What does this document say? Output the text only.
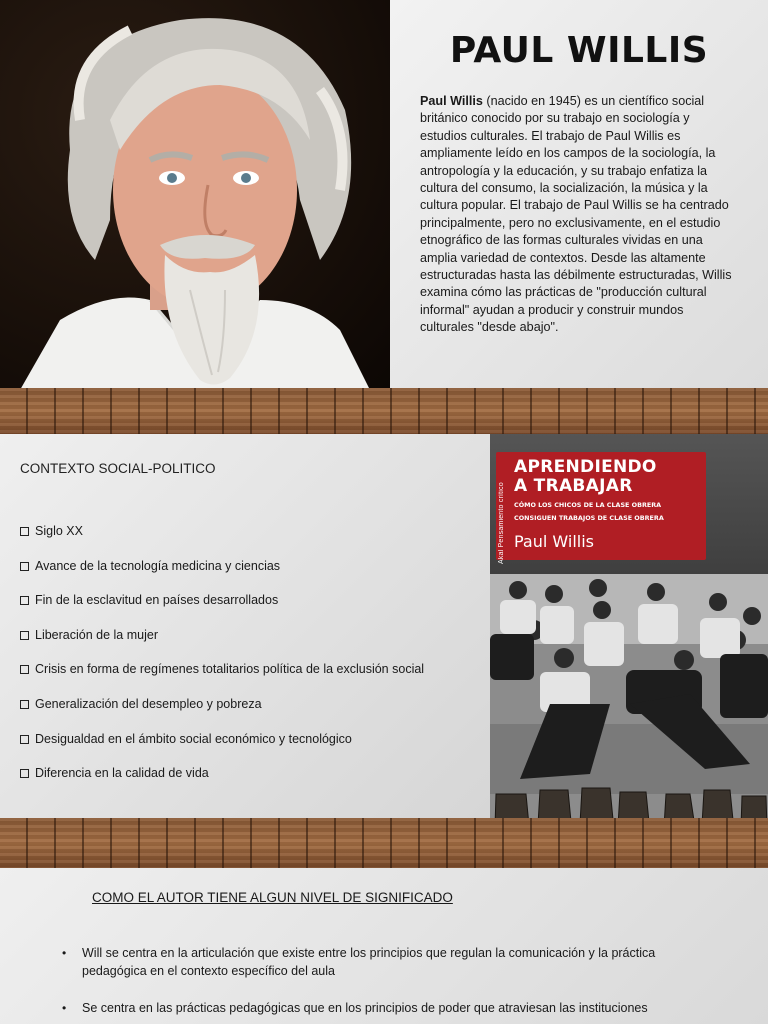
PAUL WILLIS

Paul Willis (nacido en 1945) es un científico social británico conocido por su trabajo en sociología y estudios culturales. El trabajo de Paul Willis es ampliamente leído en los campos de la sociología, la antropología y la educación, y su trabajo enfatiza la cultura del consumo, la socialización, la música y la cultura popular. El trabajo de Paul Willis se ha centrado principalmente, pero no exclusivamente, en el estudio etnográfico de las formas culturales vividas en una amplia variedad de contextos. Desde las altamente estructuradas hasta las débilmente estructuradas, Willis examina cómo las prácticas de "producción cultural informal" ayudan a producir y construir mundos culturales "desde abajo".

CONTEXTO SOCIAL-POLITICO
Siglo XX
Avance de la tecnología medicina y ciencias
Fin de la esclavitud en países desarrollados
Liberación de la mujer
Crisis en forma de regímenes totalitarios política de la exclusión social
Generalización del desempleo y pobreza
Desigualdad en el ámbito social económico y tecnológico
Diferencia en la calidad de vida
Akal Pensamiento crítico
APRENDIENDO
A TRABAJAR
CÓMO LOS CHICOS DE LA CLASE OBRERA
CONSIGUEN TRABAJOS DE CLASE OBRERA
Paul Willis
COMO EL AUTOR TIENE ALGUN NIVEL DE SIGNIFICADO
• Will se centra en la articulación que existe entre los principios que regulan la comunicación y la práctica pedagógica en el contexto específico del aula
• Se centra en las prácticas pedagógicas que en los principios de poder que atraviesan las instituciones
